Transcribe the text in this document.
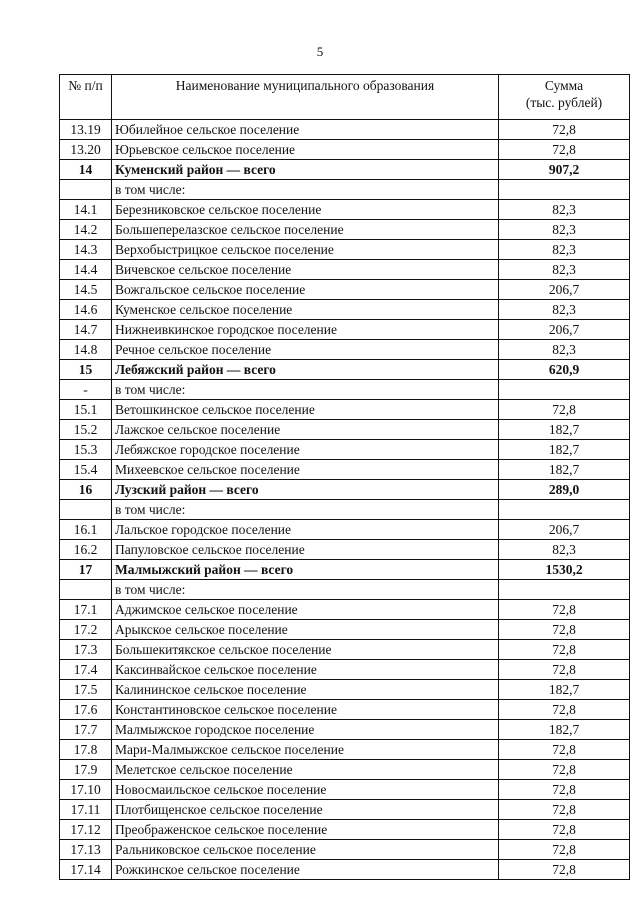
5
№ п/п	Наименование муниципального образования	Сумма
(тыс. рублей)

13.19	Юбилейное сельское поселение	72,8
13.20	Юрьевское сельское поселение	72,8
14	Куменский район — всего	907,2
	в том числе:	
14.1	Березниковское сельское поселение	82,3
14.2	Большеперелазское сельское поселение	82,3
14.3	Верхобыстрицкое сельское поселение	82,3
14.4	Вичевское сельское поселение	82,3
14.5	Вожгальское сельское поселение	206,7
14.6	Куменское сельское поселение	82,3
14.7	Нижнеивкинское городское поселение	206,7
14.8	Речное сельское поселение	82,3
15	Лебяжский район — всего	620,9
-	в том числе:	
15.1	Ветошкинское сельское поселение	72,8
15.2	Лажское сельское поселение	182,7
15.3	Лебяжское городское поселение	182,7
15.4	Михеевское сельское поселение	182,7
16	Лузский район — всего	289,0
	в том числе:	
16.1	Лальское городское поселение	206,7
16.2	Папуловское сельское поселение	82,3
17	Малмыжский район — всего	1530,2
	в том числе:	
17.1	Аджимское сельское поселение	72,8
17.2	Арыкское сельское поселение	72,8
17.3	Большекитякское сельское поселение	72,8
17.4	Каксинвайское сельское поселение	72,8
17.5	Калининское сельское поселение	182,7
17.6	Константиновское сельское поселение	72,8
17.7	Малмыжское городское поселение	182,7
17.8	Мари-Малмыжское сельское поселение	72,8
17.9	Мелетское сельское поселение	72,8
17.10	Новосмаильское сельское поселение	72,8
17.11	Плотбищенское сельское поселение	72,8
17.12	Преображенское сельское поселение	72,8
17.13	Ральниковское сельское поселение	72,8
17.14	Рожкинское сельское поселение	72,8
